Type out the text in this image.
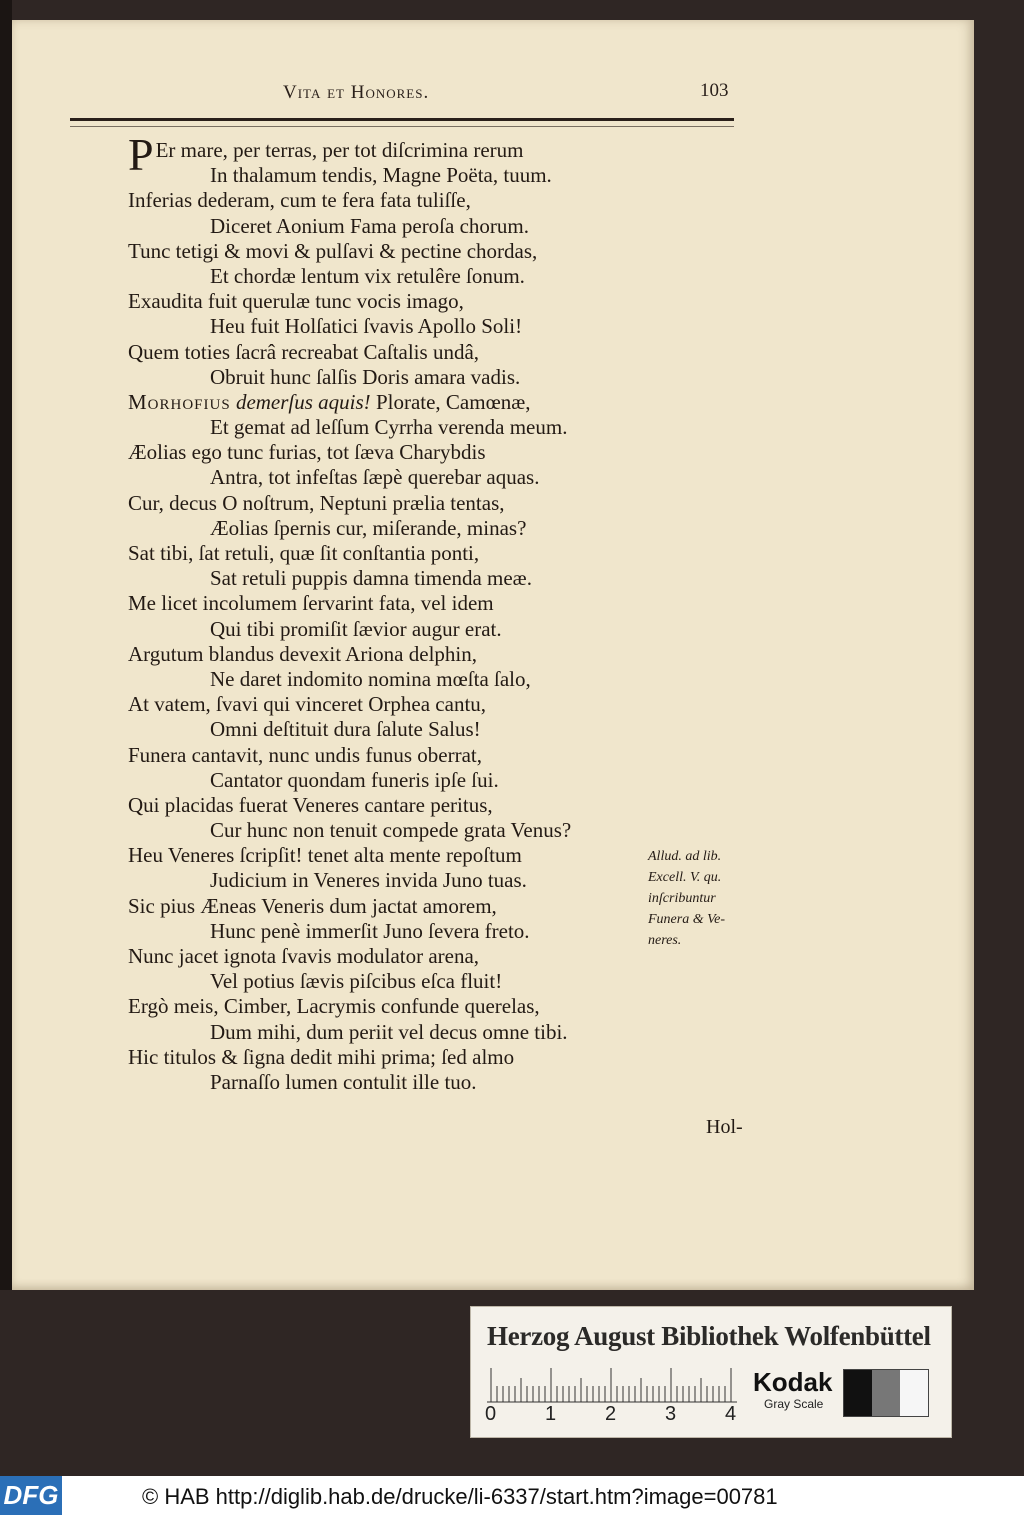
Vita et Honores.	103
P Er mare, per terras, per tot diſcrimina rerum
In thalamum tendis, Magne Poëta, tuum.
Inferias dederam, cum te fera fata tuliſſe,
Diceret Aonium Fama peroſa chorum.
Tunc tetigi & movi & pulſavi & pectine chordas,
Et chordæ lentum vix retulêre ſonum.
Exaudita fuit querulæ tunc vocis imago,
Heu fuit Holſatici ſvavis Apollo Soli!
Quem toties ſacrâ recreabat Caſtalis undâ,
Obruit hunc ſalſis Doris amara vadis.
Morhofius demerſus aquis! Plorate, Camœnæ,
Et gemat ad leſſum Cyrrha verenda meum.
Æolias ego tunc furias, tot ſæva Charybdis
Antra, tot infeſtas ſæpè querebar aquas.
Cur, decus O noſtrum, Neptuni prælia tentas,
Æolias ſpernis cur, miſerande, minas?
Sat tibi, ſat retuli, quæ ſit conſtantia ponti,
Sat retuli puppis damna timenda meæ.
Me licet incolumem ſervarint fata, vel idem
Qui tibi promiſit ſævior augur erat.
Argutum blandus devexit Ariona delphin,
Ne daret indomito nomina mœſta ſalo,
At vatem, ſvavi qui vinceret Orphea cantu,
Omni deſtituit dura ſalute Salus!
Funera cantavit, nunc undis funus oberrat,
Cantator quondam funeris ipſe ſui.
Qui placidas fuerat Veneres cantare peritus,
Cur hunc non tenuit compede grata Venus?
Heu Veneres ſcripſit! tenet alta mente repoſtum
Judicium in Veneres invida Juno tuas.
Sic pius Æneas Veneris dum jactat amorem,
Hunc penè immerſit Juno ſevera freto.
Nunc jacet ignota ſvavis modulator arena,
Vel potius ſævis piſcibus eſca fluit!
Ergò meis, Cimber, Lacrymis confunde querelas,
Dum mihi, dum periit vel decus omne tibi.
Hic titulos & ſigna dedit mihi prima; ſed almo
Parnaſſo lumen contulit ille tuo.
Allud. ad lib.
Excell. V. qu.
inſcribuntur
Funera & Ve-
neres.
Hol-
Herzog August Bibliothek Wolfenbüttel
0 1 2 3 4
Kodak
Gray Scale
DFG	© HAB http://diglib.hab.de/drucke/li-6337/start.htm?image=00781
